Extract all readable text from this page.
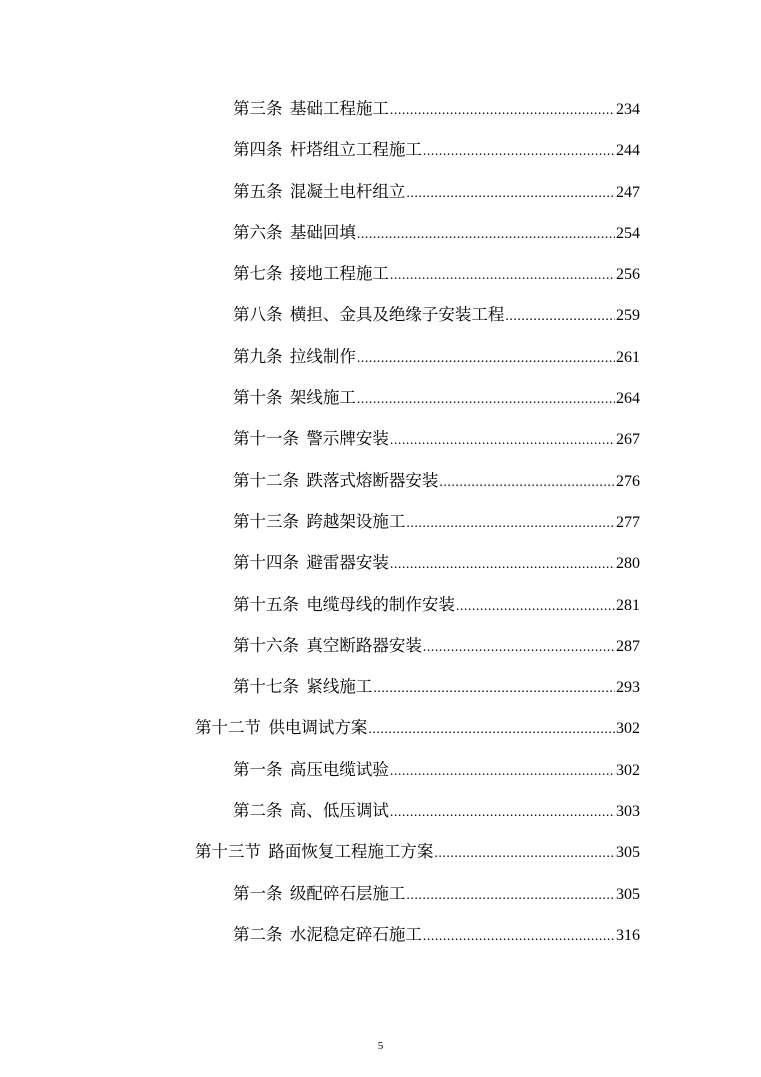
第三条 基础工程施工 .....	234
第四条 杆塔组立工程施工 .....	244
第五条 混凝土电杆组立 .....	247
第六条 基础回填 .....	254
第七条 接地工程施工 .....	256
第八条 横担、金具及绝缘子安装工程 .....	259
第九条 拉线制作 .....	261
第十条 架线施工 .....	264
第十一条 警示牌安装 .....	267
第十二条 跌落式熔断器安装 .....	276
第十三条 跨越架设施工 .....	277
第十四条 避雷器安装 .....	280
第十五条 电缆母线的制作安装 .....	281
第十六条 真空断路器安装 .....	287
第十七条 紧线施工 .....	293
第十二节 供电调试方案 .....	302
第一条 高压电缆试验 .....	302
第二条 高、低压调试 .....	303
第十三节 路面恢复工程施工方案 .....	305
第一条 级配碎石层施工 .....	305
第二条 水泥稳定碎石施工 .....	316
5
